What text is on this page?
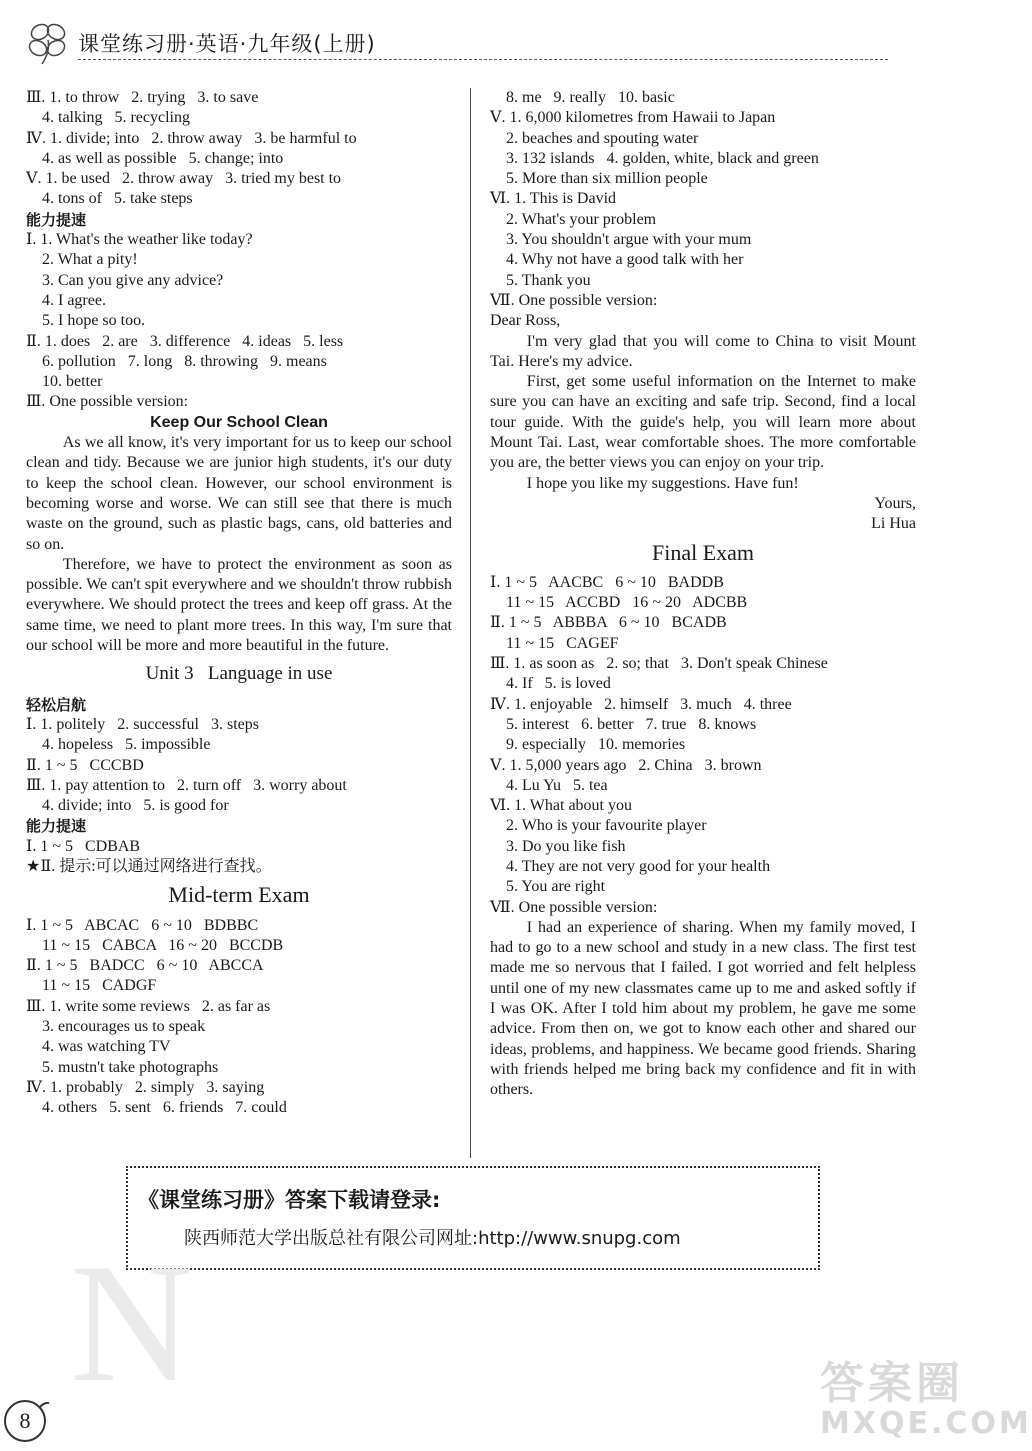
课堂练习册·英语·九年级(上册)
Ⅲ. 1. to throw   2. trying   3. to save
4. talking   5. recycling
Ⅳ. 1. divide; into   2. throw away   3. be harmful to
4. as well as possible   5. change; into
Ⅴ. 1. be used   2. throw away   3. tried my best to
4. tons of   5. take steps
能力提速
Ⅰ. 1. What's the weather like today?
2. What a pity!
3. Can you give any advice?
4. I agree.
5. I hope so too.
Ⅱ. 1. does   2. are   3. difference   4. ideas   5. less
6. pollution   7. long   8. throwing   9. means
10. better
Ⅲ. One possible version:
Keep Our School Clean
As we all know, it's very important for us to keep our school clean and tidy. Because we are junior high students, it's our duty to keep the school clean. However, our school environment is becoming worse and worse. We can still see that there is much waste on the ground, such as plastic bags, cans, old batteries and so on.
Therefore, we have to protect the environment as soon as possible. We can't spit everywhere and we shouldn't throw rubbish everywhere. We should protect the trees and keep off grass. At the same time, we need to plant more trees. In this way, I'm sure that our school will be more and more beautiful in the future.
Unit 3   Language in use
轻松启航
Ⅰ. 1. politely   2. successful   3. steps
4. hopeless   5. impossible
Ⅱ. 1 ~ 5   CCCBD
Ⅲ. 1. pay attention to   2. turn off   3. worry about
4. divide; into   5. is good for
能力提速
Ⅰ. 1 ~ 5   CDBAB
★Ⅱ. 提示:可以通过网络进行查找。
Mid-term Exam
Ⅰ. 1 ~ 5   ABCAC   6 ~ 10   BDBBC
11 ~ 15   CABCA   16 ~ 20   BCCDB
Ⅱ. 1 ~ 5   BADCC   6 ~ 10   ABCCA
11 ~ 15   CADGF
Ⅲ. 1. write some reviews   2. as far as
3. encourages us to speak
4. was watching TV
5. mustn't take photographs
Ⅳ. 1. probably   2. simply   3. saying
4. others   5. sent   6. friends   7. could
8. me   9. really   10. basic
Ⅴ. 1. 6,000 kilometres from Hawaii to Japan
2. beaches and spouting water
3. 132 islands   4. golden, white, black and green
5. More than six million people
Ⅵ. 1. This is David
2. What's your problem
3. You shouldn't argue with your mum
4. Why not have a good talk with her
5. Thank you
Ⅶ. One possible version:
Dear Ross,
I'm very glad that you will come to China to visit Mount Tai. Here's my advice.
First, get some useful information on the Internet to make sure you can have an exciting and safe trip. Second, find a local tour guide. With the guide's help, you will learn more about Mount Tai. Last, wear comfortable shoes. The more comfortable you are, the better views you can enjoy on your trip.
I hope you like my suggestions. Have fun!
Yours,
Li Hua
Final Exam
Ⅰ. 1 ~ 5   AACBC   6 ~ 10   BADDB
11 ~ 15   ACCBD   16 ~ 20   ADCBB
Ⅱ. 1 ~ 5   ABBBA   6 ~ 10   BCADB
11 ~ 15   CAGEF
Ⅲ. 1. as soon as   2. so; that   3. Don't speak Chinese
4. If   5. is loved
Ⅳ. 1. enjoyable   2. himself   3. much   4. three
5. interest   6. better   7. true   8. knows
9. especially   10. memories
Ⅴ. 1. 5,000 years ago   2. China   3. brown
4. Lu Yu   5. tea
Ⅵ. 1. What about you
2. Who is your favourite player
3. Do you like fish
4. They are not very good for your health
5. You are right
Ⅶ. One possible version:
I had an experience of sharing. When my family moved, I had to go to a new school and study in a new class. The first test made me so nervous that I failed. I got worried and felt helpless until one of my new classmates came up to me and asked softly if I was OK. After I told him about my problem, he gave me some advice. From then on, we got to know each other and shared our ideas, problems, and happiness. We became good friends. Sharing with friends helped me bring back my confidence and fit in with others.
《课堂练习册》答案下载请登录:
陕西师范大学出版总社有限公司网址:http://www.snupg.com
N
8
答案圈
MXQE.COM
